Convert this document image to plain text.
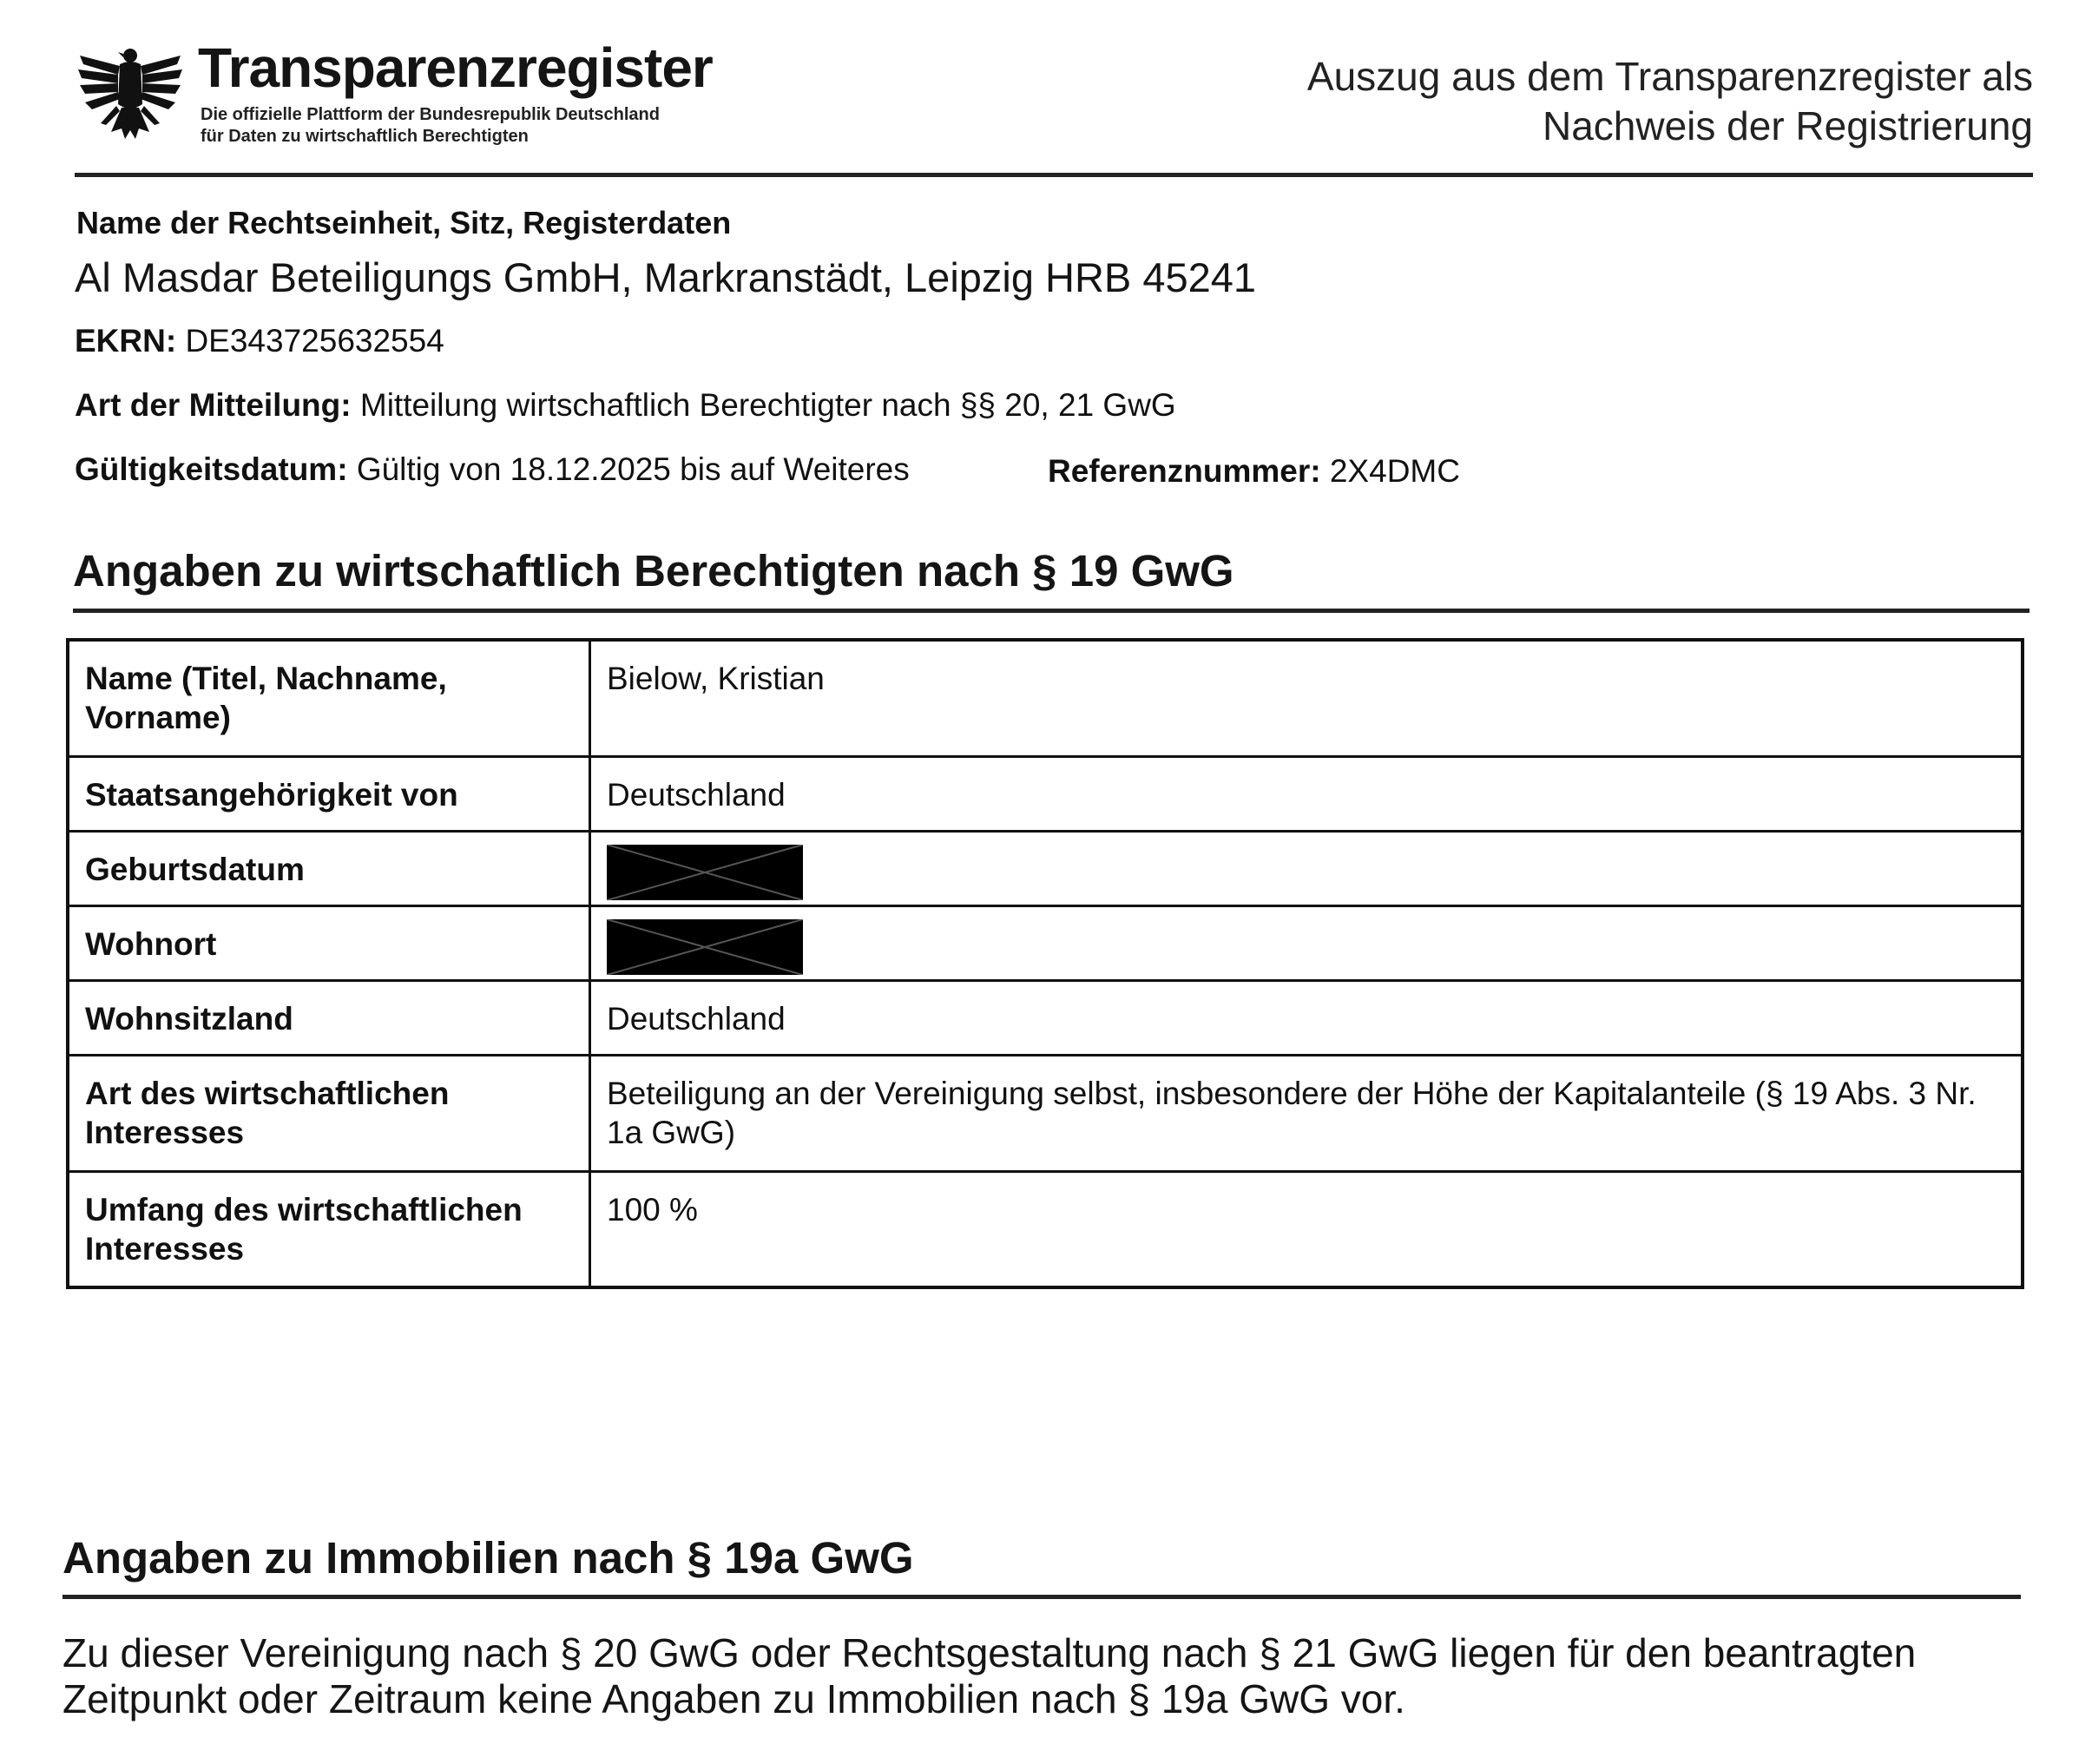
Transparenzregister
Die offizielle Plattform der Bundesrepublik Deutschland
für Daten zu wirtschaftlich Berechtigten
Auszug aus dem Transparenzregister als
Nachweis der Registrierung
Name der Rechtseinheit, Sitz, Registerdaten
Al Masdar Beteiligungs GmbH, Markranstädt, Leipzig HRB 45241
EKRN: DE343725632554
Art der Mitteilung: Mitteilung wirtschaftlich Berechtigter nach §§ 20, 21 GwG
Gültigkeitsdatum: Gültig von 18.12.2025 bis auf Weiteres	Referenznummer: 2X4DMC
Angaben zu wirtschaftlich Berechtigten nach § 19 GwG
Name (Titel, Nachname, Vorname)	Bielow, Kristian
Staatsangehörigkeit von	Deutschland
Geburtsdatum	

Wohnort	

Wohnsitzland	Deutschland
Art des wirtschaftlichen Interesses	Beteiligung an der Vereinigung selbst, insbesondere der Höhe der Kapitalanteile (§ 19 Abs. 3 Nr. 1a GwG)
Umfang des wirtschaftlichen Interesses	100 %
Angaben zu Immobilien nach § 19a GwG
Zu dieser Vereinigung nach § 20 GwG oder Rechtsgestaltung nach § 21 GwG liegen für den beantragten Zeitpunkt oder Zeitraum keine Angaben zu Immobilien nach § 19a GwG vor.
